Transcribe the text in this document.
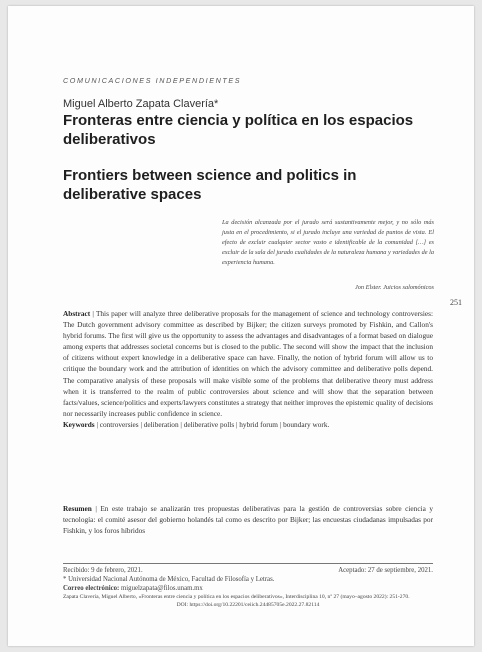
COMUNICACIONES INDEPENDIENTES
Miguel Alberto Zapata Clavería*
Fronteras entre ciencia y política en los espacios deliberativos
Frontiers between science and politics in deliberative spaces
La decisión alcanzada por el jurado será sustantivamente mejor, y no sólo más justa en el procedimiento, si el jurado incluye una variedad de puntos de vista. El efecto de excluir cualquier sector vasto e identificable de la comunidad […] es excluir de la sala del jurado cualidades de la naturaleza humana y variedades de la experiencia humana.
Jon Elster. Juicios salomónicos
251
Abstract | This paper will analyze three deliberative proposals for the management of science and technology controversies: The Dutch government advisory committee as described by Bijker; the citizen surveys promoted by Fishkin, and Callon's hybrid forums. The first will give us the opportunity to assess the advantages and disadvantages of a format based on dialogue among experts that addresses societal concerns but is closed to the public. The second will show the impact that the inclusion of citizens without expert knowledge in a deliberative space can have. Finally, the notion of hybrid forum will allow us to critique the boundary work and the attribution of identities on which the advisory committee and deliberative polls depend. The comparative analysis of these proposals will make visible some of the problems that deliberative theory must address when it is transferred to the realm of public controversies about science and will show that the separation between facts/values, science/politics and experts/lawyers constitutes a strategy that neither improves the epistemic quality of decisions nor necessarily increases public confidence in science.
Keywords | controversies | deliberation | deliberative polls | hybrid forum | boundary work.
Resumen | En este trabajo se analizarán tres propuestas deliberativas para la gestión de controversias sobre ciencia y tecnología: el comité asesor del gobierno holandés tal como es descrito por Bijker; las encuestas ciudadanas impulsadas por Fishkin, y los foros híbridos
Recibido: 9 de febrero, 2021.	Aceptado: 27 de septiembre, 2021.
* Universidad Nacional Autónoma de México, Facultad de Filosofía y Letras.
Correo electrónico: miguelzapata@filos.unam.mx
Zapata Clavería, Miguel Alberto, «Fronteras entre ciencia y política en los espacios deliberativos», Interdisciplina 10, nº 27 (mayo–agosto 2022): 251-270.
DOI: https://doi.org/10.22201/ceiich.24485705e.2022.27.82114
